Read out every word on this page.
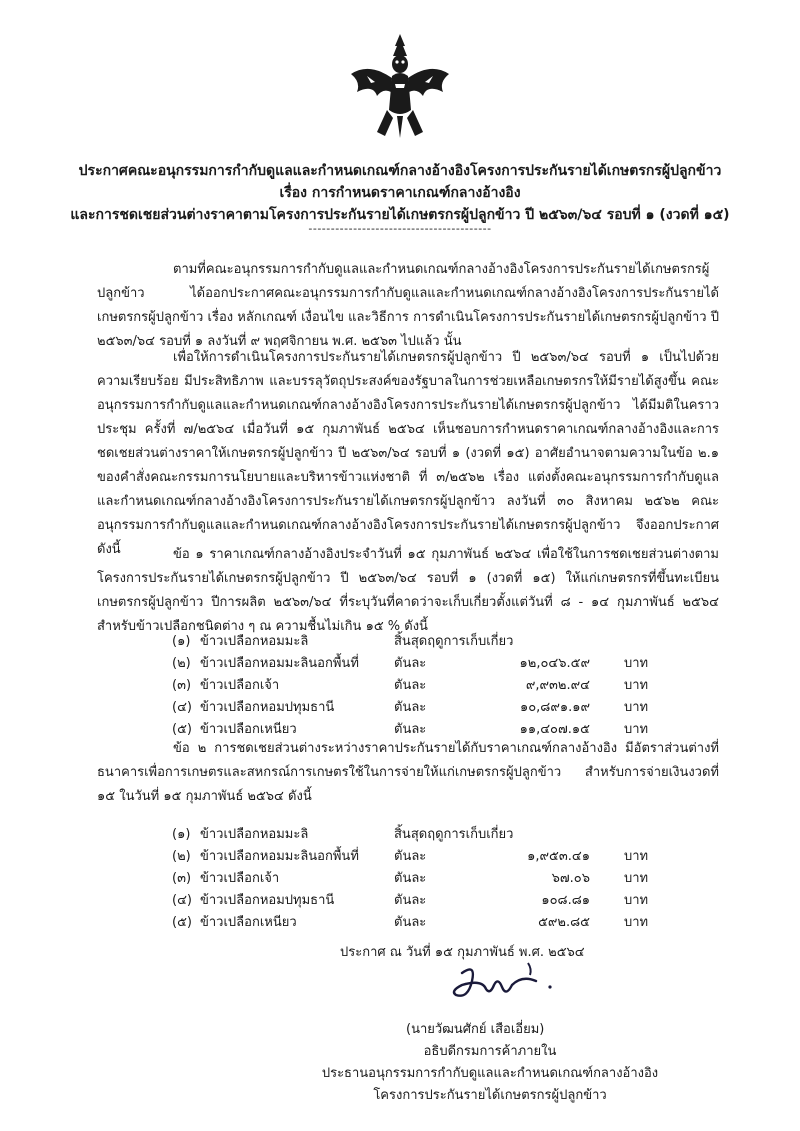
ประกาศคณะอนุกรรมการกำกับดูแลและกำหนดเกณฑ์กลางอ้างอิงโครงการประกันรายได้เกษตรกรผู้ปลูกข้าว
เรื่อง การกำหนดราคาเกณฑ์กลางอ้างอิง
และการชดเชยส่วนต่างราคาตามโครงการประกันรายได้เกษตรกรผู้ปลูกข้าว ปี ๒๕๖๓/๖๔ รอบที่ ๑ (งวดที่ ๑๕)
-----------------------------------------

ตามที่คณะอนุกรรมการกำกับดูแลและกำหนดเกณฑ์กลางอ้างอิงโครงการประกันรายได้เกษตรกรผู้ปลูกข้าว ได้ออกประกาศคณะอนุกรรมการกำกับดูแลและกำหนดเกณฑ์กลางอ้างอิงโครงการประกันรายได้เกษตรกรผู้ปลูกข้าว เรื่อง หลักเกณฑ์ เงื่อนไข และวิธีการ การดำเนินโครงการประกันรายได้เกษตรกรผู้ปลูกข้าว ปี ๒๕๖๓/๖๔ รอบที่ ๑ ลงวันที่ ๙ พฤศจิกายน พ.ศ. ๒๕๖๓ ไปแล้ว นั้น

เพื่อให้การดำเนินโครงการประกันรายได้เกษตรกรผู้ปลูกข้าว ปี ๒๕๖๓/๖๔ รอบที่ ๑ เป็นไปด้วยความเรียบร้อย มีประสิทธิภาพ และบรรลุวัตถุประสงค์ของรัฐบาลในการช่วยเหลือเกษตรกรให้มีรายได้สูงขึ้น คณะอนุกรรมการกำกับดูแลและกำหนดเกณฑ์กลางอ้างอิงโครงการประกันรายได้เกษตรกรผู้ปลูกข้าว ได้มีมติในคราวประชุม ครั้งที่ ๗/๒๕๖๔ เมื่อวันที่ ๑๕ กุมภาพันธ์ ๒๕๖๔ เห็นชอบการกำหนดราคาเกณฑ์กลางอ้างอิงและการชดเชยส่วนต่างราคาให้เกษตรกรผู้ปลูกข้าว ปี ๒๕๖๓/๖๔ รอบที่ ๑ (งวดที่ ๑๕) อาศัยอำนาจตามความในข้อ ๒.๑ ของคำสั่งคณะกรรมการนโยบายและบริหารข้าวแห่งชาติ ที่ ๓/๒๕๖๒ เรื่อง แต่งตั้งคณะอนุกรรมการกำกับดูแลและกำหนดเกณฑ์กลางอ้างอิงโครงการประกันรายได้เกษตรกรผู้ปลูกข้าว ลงวันที่ ๓๐ สิงหาคม ๒๕๖๒ คณะอนุกรรมการกำกับดูแลและกำหนดเกณฑ์กลางอ้างอิงโครงการประกันรายได้เกษตรกรผู้ปลูกข้าว จึงออกประกาศ ดังนี้	ข้อ ๑ ราคาเกณฑ์กลางอ้างอิงประจำวันที่ ๑๕ กุมภาพันธ์ ๒๕๖๔ เพื่อใช้ในการชดเชยส่วนต่างตามโครงการประกันรายได้เกษตรกรผู้ปลูกข้าว ปี ๒๕๖๓/๖๔ รอบที่ ๑ (งวดที่ ๑๕) ให้แก่เกษตรกรที่ขึ้นทะเบียนเกษตรกรผู้ปลูกข้าว ปีการผลิต ๒๕๖๓/๖๔ ที่ระบุวันที่คาดว่าจะเก็บเกี่ยวตั้งแต่วันที่ ๘ - ๑๔ กุมภาพันธ์ ๒๕๖๔ สำหรับข้าวเปลือกชนิดต่าง ๆ ณ ความชื้นไม่เกิน ๑๕ % ดังนี้

(๑) ข้าวเปลือกหอมมะลิ	สิ้นสุดฤดูการเก็บเกี่ยว
(๒) ข้าวเปลือกหอมมะลินอกพื้นที่	ตันละ	๑๒,๐๔๖.๕๙	บาท
(๓) ข้าวเปลือกเจ้า	ตันละ	๙,๙๓๒.๙๔	บาท
(๔) ข้าวเปลือกหอมปทุมธานี	ตันละ	๑๐,๘๙๑.๑๙	บาท
(๕) ข้าวเปลือกเหนียว	ตันละ	๑๑,๔๐๗.๑๕	บาท

ข้อ ๒ การชดเชยส่วนต่างระหว่างราคาประกันรายได้กับราคาเกณฑ์กลางอ้างอิง มีอัตราส่วนต่างที่ธนาคารเพื่อการเกษตรและสหกรณ์การเกษตรใช้ในการจ่ายให้แก่เกษตรกรผู้ปลูกข้าว สำหรับการจ่ายเงินงวดที่ ๑๕ ในวันที่ ๑๕ กุมภาพันธ์ ๒๕๖๔ ดังนี้

(๑) ข้าวเปลือกหอมมะลิ	สิ้นสุดฤดูการเก็บเกี่ยว
(๒) ข้าวเปลือกหอมมะลินอกพื้นที่	ตันละ	๑,๙๕๓.๔๑	บาท
(๓) ข้าวเปลือกเจ้า	ตันละ	๖๗.๐๖	บาท
(๔) ข้าวเปลือกหอมปทุมธานี	ตันละ	๑๐๘.๘๑	บาท
(๕) ข้าวเปลือกเหนียว	ตันละ	๕๙๒.๘๕	บาท
ประกาศ ณ วันที่ ๑๕ กุมภาพันธ์ พ.ศ. ๒๕๖๔
(นายวัฒนศักย์ เสือเอี่ยม)
อธิบดีกรมการค้าภายใน
ประธานอนุกรรมการกำกับดูแลและกำหนดเกณฑ์กลางอ้างอิง
โครงการประกันรายได้เกษตรกรผู้ปลูกข้าว
